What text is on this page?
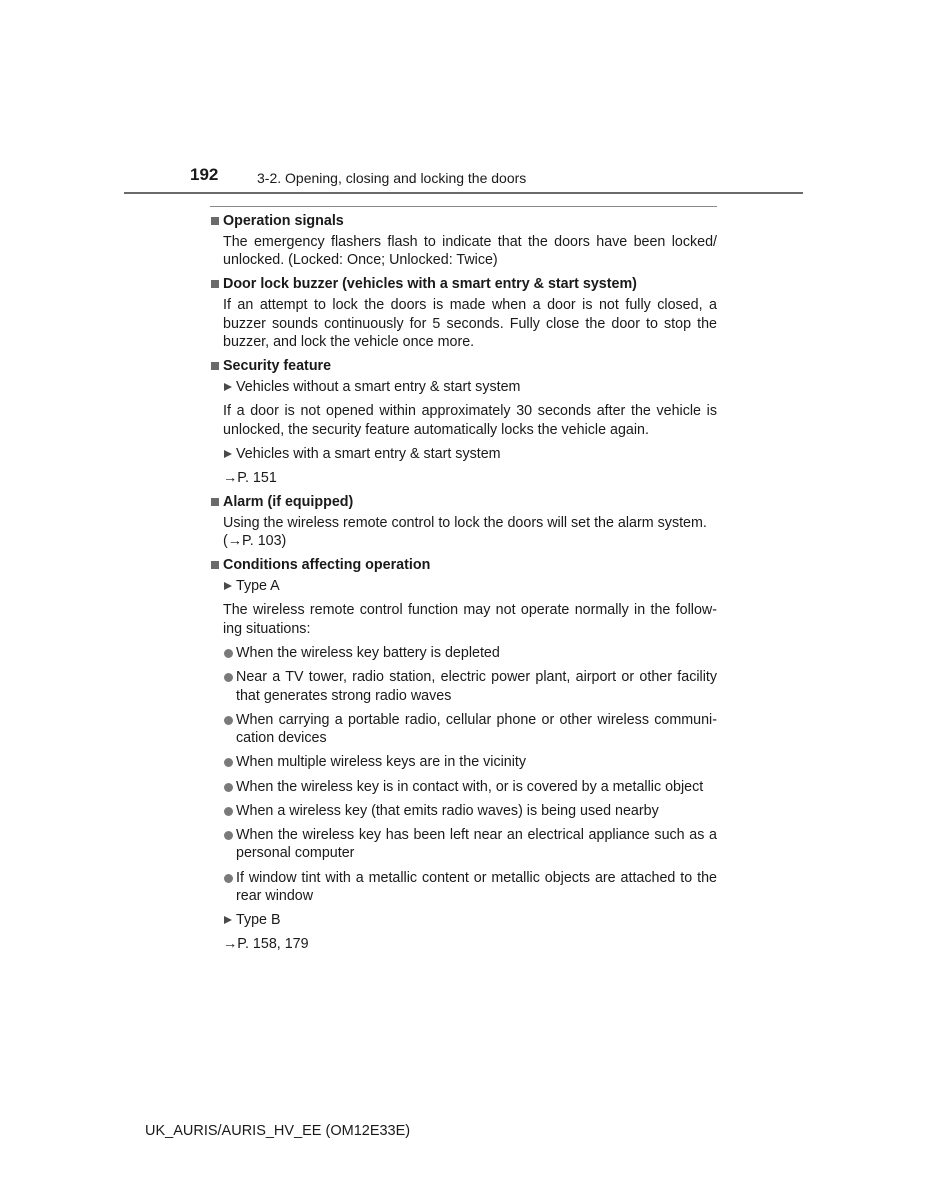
192	3-2. Opening, closing and locking the doors
Operation signals
The emergency flashers flash to indicate that the doors have been locked/ unlocked. (Locked: Once; Unlocked: Twice)
Door lock buzzer (vehicles with a smart entry & start system)
If an attempt to lock the doors is made when a door is not fully closed, a buzzer sounds continuously for 5 seconds. Fully close the door to stop the buzzer, and lock the vehicle once more.
Security feature
Vehicles without a smart entry & start system
If a door is not opened within approximately 30 seconds after the vehicle is unlocked, the security feature automatically locks the vehicle again.
Vehicles with a smart entry & start system
→P. 151
Alarm (if equipped)
Using the wireless remote control to lock the doors will set the alarm system. (→P. 103)
Conditions affecting operation
Type A
The wireless remote control function may not operate normally in the follow-ing situations:
When the wireless key battery is depleted
Near a TV tower, radio station, electric power plant, airport or other facility that generates strong radio waves
When carrying a portable radio, cellular phone or other wireless communi-cation devices
When multiple wireless keys are in the vicinity
When the wireless key is in contact with, or is covered by a metallic object
When a wireless key (that emits radio waves) is being used nearby
When the wireless key has been left near an electrical appliance such as a personal computer
If window tint with a metallic content or metallic objects are attached to the rear window
Type B
→P. 158, 179
UK_AURIS/AURIS_HV_EE (OM12E33E)
